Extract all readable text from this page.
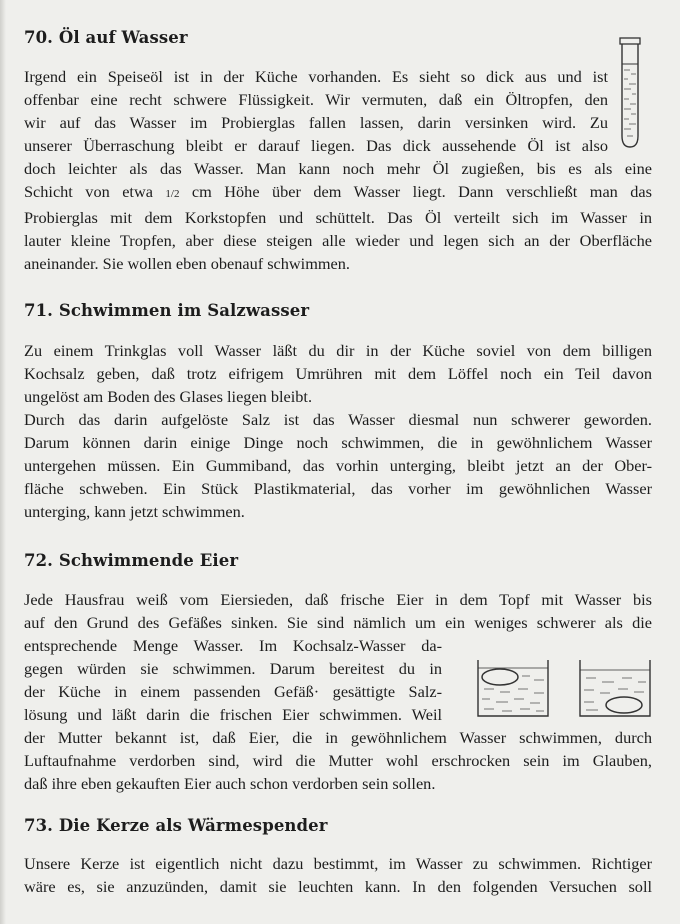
70. Öl auf Wasser

Irgend ein Speiseöl ist in der Küche vorhanden. Es sieht so dick aus und ist
offenbar eine recht schwere Flüssigkeit. Wir vermuten, daß ein Öltropfen, den
wir auf das Wasser im Probierglas fallen lassen, darin versinken wird. Zu
unserer Überraschung bleibt er darauf liegen. Das dick aussehende Öl ist also
doch leichter als das Wasser. Man kann noch mehr Öl zugießen, bis es als eine
Schicht von etwa 1/2 cm Höhe über dem Wasser liegt. Dann verschließt man das
Probierglas mit dem Korkstopfen und schüttelt. Das Öl verteilt sich im Wasser in
lauter kleine Tropfen, aber diese steigen alle wieder und legen sich an der Oberfläche
aneinander. Sie wollen eben obenauf schwimmen.

71. Schwimmen im Salzwasser

Zu einem Trinkglas voll Wasser läßt du dir in der Küche soviel von dem billigen
Kochsalz geben, daß trotz eifrigem Umrühren mit dem Löffel noch ein Teil davon
ungelöst am Boden des Glases liegen bleibt.
Durch das darin aufgelöste Salz ist das Wasser diesmal nun schwerer geworden.
Darum können darin einige Dinge noch schwimmen, die in gewöhnlichem Wasser
untergehen müssen. Ein Gummiband, das vorhin unterging, bleibt jetzt an der Ober-
fläche schweben. Ein Stück Plastikmaterial, das vorher im gewöhnlichen Wasser
unterging, kann jetzt schwimmen.

72. Schwimmende Eier

Jede Hausfrau weiß vom Eiersieden, daß frische Eier in dem Topf mit Wasser bis
auf den Grund des Gefäßes sinken. Sie sind nämlich um ein weniges schwerer als die
entsprechende Menge Wasser. Im Kochsalz-Wasser da-
gegen würden sie schwimmen. Darum bereitest du in
der Küche in einem passenden Gefäß· gesättigte Salz-
lösung und läßt darin die frischen Eier schwimmen. Weil
der Mutter bekannt ist, daß Eier, die in gewöhnlichem Wasser schwimmen, durch
Luftaufnahme verdorben sind, wird die Mutter wohl erschrocken sein im Glauben,
daß ihre eben gekauften Eier auch schon verdorben sein sollen.

73. Die Kerze als Wärmespender

Unsere Kerze ist eigentlich nicht dazu bestimmt, im Wasser zu schwimmen. Richtiger
wäre es, sie anzuzünden, damit sie leuchten kann. In den folgenden Versuchen soll
